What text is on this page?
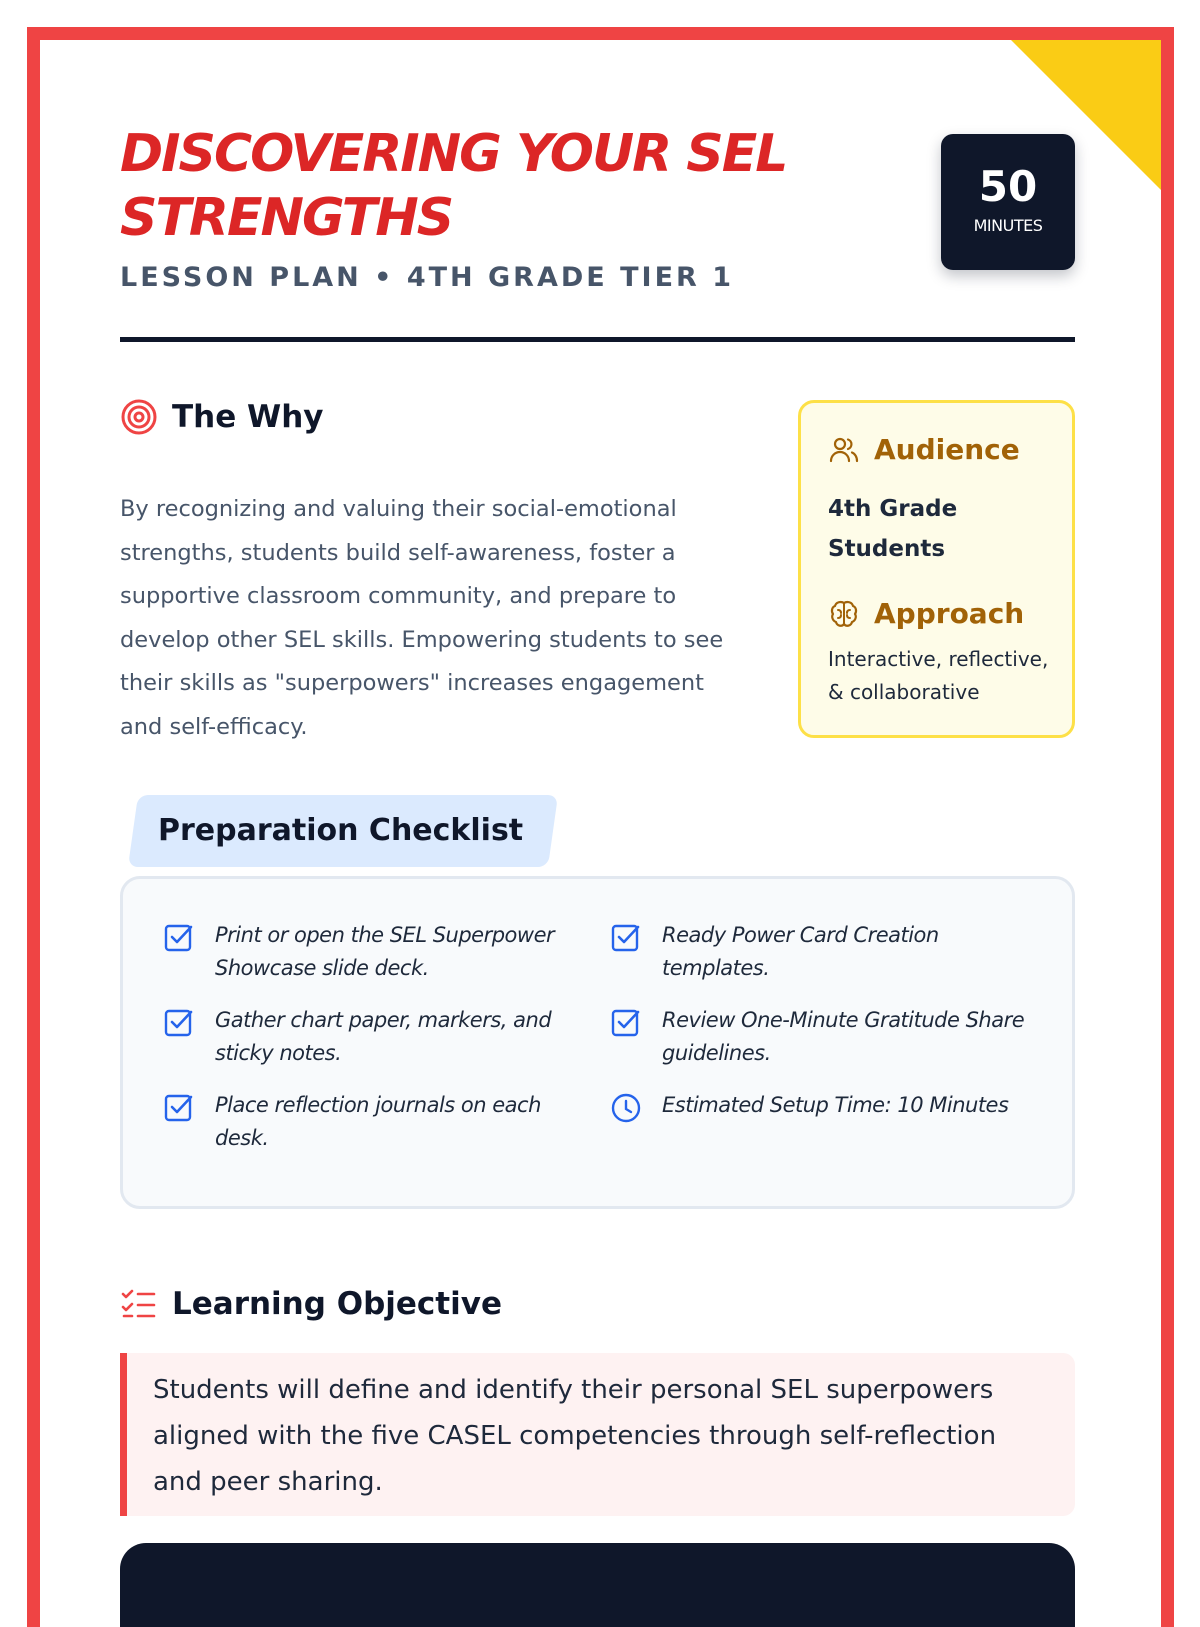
DISCOVERING YOUR SEL STRENGTHS
LESSON PLAN • 4TH GRADE TIER 1
50
MINUTES
The Why

By recognizing and valuing their social-emotional strengths, students build self-awareness, foster a supportive classroom community, and prepare to develop other SEL skills. Empowering students to see their skills as "superpowers" increases engagement and self-efficacy.

Audience
4th Grade Students
Approach
Interactive, reflective, & collaborative
Preparation Checklist
Print or open the SEL Superpower Showcase slide deck.
Ready Power Card Creation templates.
Gather chart paper, markers, and sticky notes.
Review One-Minute Gratitude Share guidelines.
Place reflection journals on each desk.
Estimated Setup Time: 10 Minutes
Learning Objective

Students will define and identify their personal SEL superpowers aligned with the five CASEL competencies through self-reflection and peer sharing.
